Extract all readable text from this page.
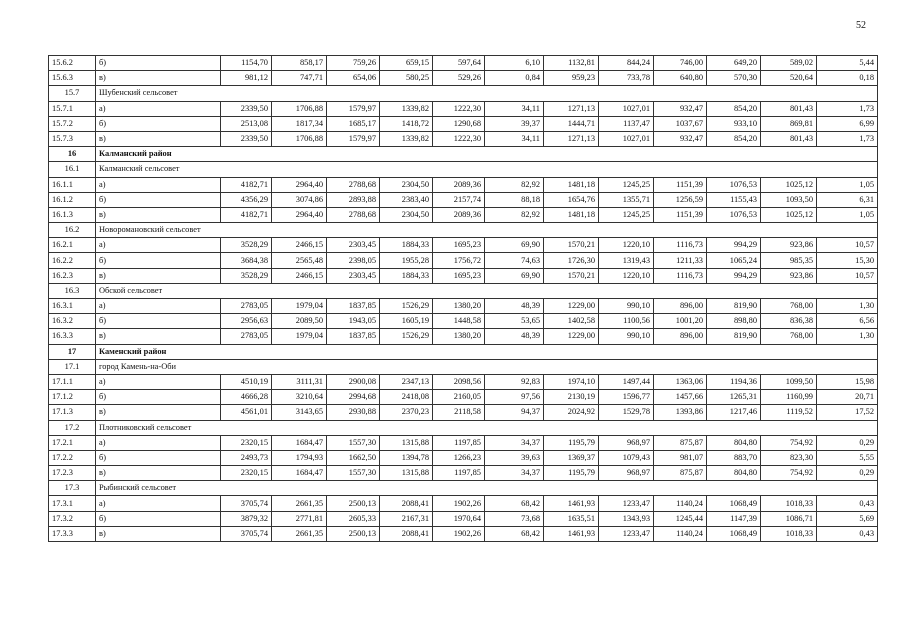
52
15.6.2	б)	1154,70	858,17	759,26	659,15	597,64	6,10	1132,81	844,24	746,00	649,20	589,02	5,44
15.6.3	в)	981,12	747,71	654,06	580,25	529,26	0,84	959,23	733,78	640,80	570,30	520,64	0,18
15.7	Шубенский сельсовет												
15.7.1	а)	2339,50	1706,88	1579,97	1339,82	1222,30	34,11	1271,13	1027,01	932,47	854,20	801,43	1,73
15.7.2	б)	2513,08	1817,34	1685,17	1418,72	1290,68	39,37	1444,71	1137,47	1037,67	933,10	869,81	6,99
15.7.3	в)	2339,50	1706,88	1579,97	1339,82	1222,30	34,11	1271,13	1027,01	932,47	854,20	801,43	1,73
16	Калманский район												
16.1	Калманский сельсовет												
16.1.1	а)	4182,71	2964,40	2788,68	2304,50	2089,36	82,92	1481,18	1245,25	1151,39	1076,53	1025,12	1,05
16.1.2	б)	4356,29	3074,86	2893,88	2383,40	2157,74	88,18	1654,76	1355,71	1256,59	1155,43	1093,50	6,31
16.1.3	в)	4182,71	2964,40	2788,68	2304,50	2089,36	82,92	1481,18	1245,25	1151,39	1076,53	1025,12	1,05
16.2	Новоромановский сельсовет												
16.2.1	а)	3528,29	2466,15	2303,45	1884,33	1695,23	69,90	1570,21	1220,10	1116,73	994,29	923,86	10,57
16.2.2	б)	3684,38	2565,48	2398,05	1955,28	1756,72	74,63	1726,30	1319,43	1211,33	1065,24	985,35	15,30
16.2.3	в)	3528,29	2466,15	2303,45	1884,33	1695,23	69,90	1570,21	1220,10	1116,73	994,29	923,86	10,57
16.3	Обской сельсовет												
16.3.1	а)	2783,05	1979,04	1837,85	1526,29	1380,20	48,39	1229,00	990,10	896,00	819,90	768,00	1,30
16.3.2	б)	2956,63	2089,50	1943,05	1605,19	1448,58	53,65	1402,58	1100,56	1001,20	898,80	836,38	6,56
16.3.3	в)	2783,05	1979,04	1837,85	1526,29	1380,20	48,39	1229,00	990,10	896,00	819,90	768,00	1,30
17	Каменский район												
17.1	город Камень-на-Оби												
17.1.1	а)	4510,19	3111,31	2900,08	2347,13	2098,56	92,83	1974,10	1497,44	1363,06	1194,36	1099,50	15,98
17.1.2	б)	4666,28	3210,64	2994,68	2418,08	2160,05	97,56	2130,19	1596,77	1457,66	1265,31	1160,99	20,71
17.1.3	в)	4561,01	3143,65	2930,88	2370,23	2118,58	94,37	2024,92	1529,78	1393,86	1217,46	1119,52	17,52
17.2	Плотниковский сельсовет												
17.2.1	а)	2320,15	1684,47	1557,30	1315,88	1197,85	34,37	1195,79	968,97	875,87	804,80	754,92	0,29
17.2.2	б)	2493,73	1794,93	1662,50	1394,78	1266,23	39,63	1369,37	1079,43	981,07	883,70	823,30	5,55
17.2.3	в)	2320,15	1684,47	1557,30	1315,88	1197,85	34,37	1195,79	968,97	875,87	804,80	754,92	0,29
17.3	Рыбинский сельсовет												
17.3.1	а)	3705,74	2661,35	2500,13	2088,41	1902,26	68,42	1461,93	1233,47	1140,24	1068,49	1018,33	0,43
17.3.2	б)	3879,32	2771,81	2605,33	2167,31	1970,64	73,68	1635,51	1343,93	1245,44	1147,39	1086,71	5,69
17.3.3	в)	3705,74	2661,35	2500,13	2088,41	1902,26	68,42	1461,93	1233,47	1140,24	1068,49	1018,33	0,43
